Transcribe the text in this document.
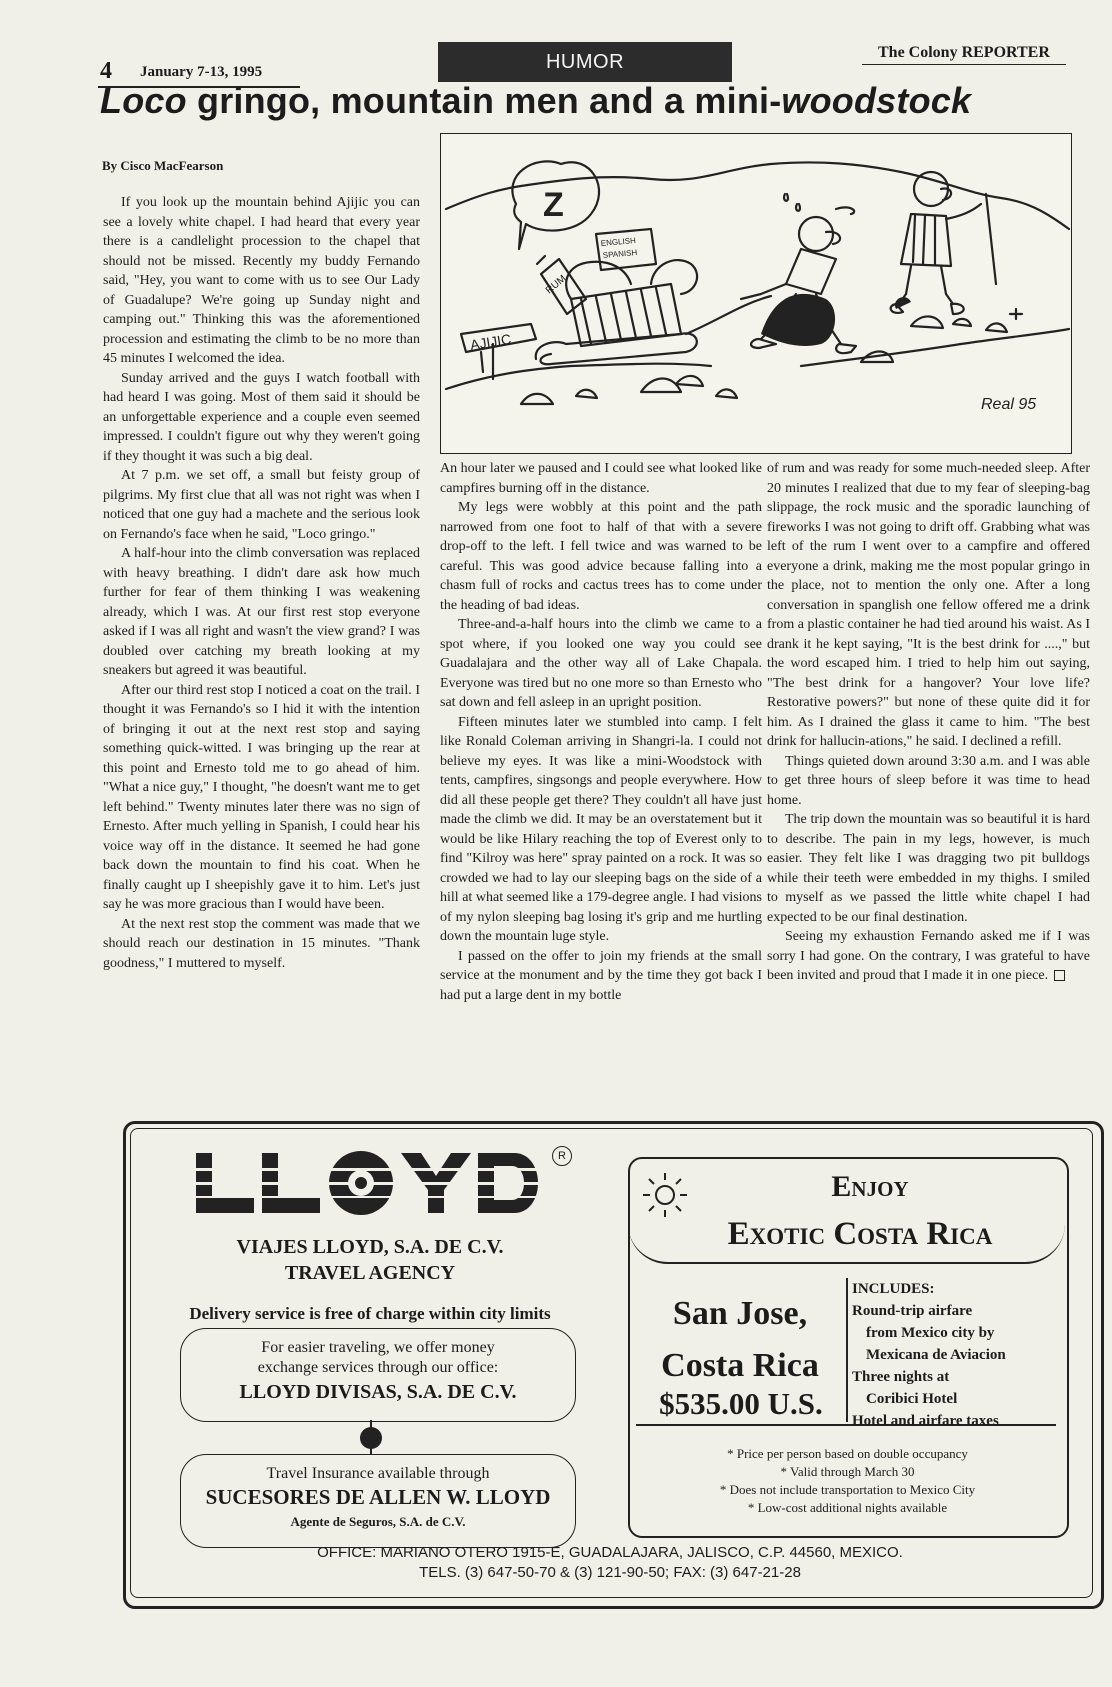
4 January 7-13, 1995	HUMOR	The Colony REPORTER
Loco gringo, mountain men and a mini-woodstock
By Cisco MacFearson

If you look up the mountain behind Ajijic you can see a lovely white chapel. I had heard that every year there is a candlelight procession to the chapel that should not be missed. Recently my buddy Fernando said, "Hey, you want to come with us to see Our Lady of Guadalupe? We're going up Sunday night and camping out." Thinking this was the aforementioned procession and estimating the climb to be no more than 45 minutes I welcomed the idea.

Sunday arrived and the guys I watch football with had heard I was going. Most of them said it should be an unforgettable experience and a couple even seemed impressed. I couldn't figure out why they weren't going if they thought it was such a big deal.

At 7 p.m. we set off, a small but feisty group of pilgrims. My first clue that all was not right was when I noticed that one guy had a machete and the serious look on Fernando's face when he said, "Loco gringo."

A half-hour into the climb conversation was replaced with heavy breathing. I didn't dare ask how much further for fear of them thinking I was weakening already, which I was. At our first rest stop everyone asked if I was all right and wasn't the view grand? I was doubled over catching my breath looking at my sneakers but agreed it was beautiful.

After our third rest stop I noticed a coat on the trail. I thought it was Fernando's so I hid it with the intention of bringing it out at the next rest stop and saying something quick-witted. I was bringing up the rear at this point and Ernesto told me to go ahead of him. "What a nice guy," I thought, "he doesn't want me to get left behind." Twenty minutes later there was no sign of Ernesto. After much yelling in Spanish, I could hear his voice way off in the distance. It seemed he had gone back down the mountain to find his coat. When he finally caught up I sheepishly gave it to him. Let's just say he was more gracious than I would have been.

At the next rest stop the comment was made that we should reach our destination in 15 minutes. "Thank goodness," I muttered to myself.

Z
AJIJIC
RUM
ENGLISH
SPANISH
Real 95

An hour later we paused and I could see what looked like campfires burning off in the distance.

My legs were wobbly at this point and the path narrowed from one foot to half of that with a severe drop-off to the left. I fell twice and was warned to be careful. This was good advice because falling into a chasm full of rocks and cactus trees has to come under the heading of bad ideas.

Three-and-a-half hours into the climb we came to a spot where, if you looked one way you could see Guadalajara and the other way all of Lake Chapala. Everyone was tired but no one more so than Ernesto who sat down and fell asleep in an upright position.

Fifteen minutes later we stumbled into camp. I felt like Ronald Coleman arriving in Shangri-la. I could not believe my eyes. It was like a mini-Woodstock with tents, campfires, singsongs and people everywhere. How did all these people get there? They couldn't all have just made the climb we did. It may be an overstatement but it would be like Hilary reaching the top of Everest only to find "Kilroy was here" spray painted on a rock. It was so crowded we had to lay our sleeping bags on the side of a hill at what seemed like a 179-degree angle. I had visions of my nylon sleeping bag losing it's grip and me hurtling down the mountain luge style.

I passed on the offer to join my friends at the small service at the monument and by the time they got back I had put a large dent in my bottle

of rum and was ready for some much-needed sleep. After 20 minutes I realized that due to my fear of sleeping-bag slippage, the rock music and the sporadic launching of fireworks I was not going to drift off. Grabbing what was left of the rum I went over to a campfire and offered everyone a drink, making me the most popular gringo in the place, not to mention the only one. After a long conversation in spanglish one fellow offered me a drink from a plastic container he had tied around his waist. As I drank it he kept saying, "It is the best drink for ....," but the word escaped him. I tried to help him out saying, "The best drink for a hangover? Your love life? Restorative powers?" but none of these quite did it for him. As I drained the glass it came to him. "The best drink for hallucin-ations," he said. I declined a refill.

Things quieted down around 3:30 a.m. and I was able to get three hours of sleep before it was time to head home.

The trip down the mountain was so beautiful it is hard to describe. The pain in my legs, however, is much easier. They felt like I was dragging two pit bulldogs while their teeth were embedded in my thighs. I smiled to myself as we passed the little white chapel I had expected to be our final destination.

Seeing my exhaustion Fernando asked me if I was sorry I had gone. On the contrary, I was grateful to have been invited and proud that I made it in one piece.

R
VIAJES LLOYD, S.A. DE C.V.
TRAVEL AGENCY
Delivery service is free of charge within city limits
For easier traveling, we offer money
exchange services through our office:
LLOYD DIVISAS, S.A. DE C.V.
Travel Insurance available through
SUCESORES DE ALLEN W. LLOYD
Agente de Seguros, S.A. de C.V.
Enjoy
Exotic Costa Rica
San Jose,
Costa Rica
$535.00 U.S.
INCLUDES:
Round-trip airfare
from Mexico city by
Mexicana de Aviacion
Three nights at
Coribici Hotel
Hotel and airfare taxes
* Price per person based on double occupancy
* Valid through March 30
* Does not include transportation to Mexico City
* Low-cost additional nights available
OFFICE: MARIANO OTERO 1915-E, GUADALAJARA, JALISCO, C.P. 44560, MEXICO.
TELS. (3) 647-50-70 & (3) 121-90-50; FAX: (3) 647-21-28
